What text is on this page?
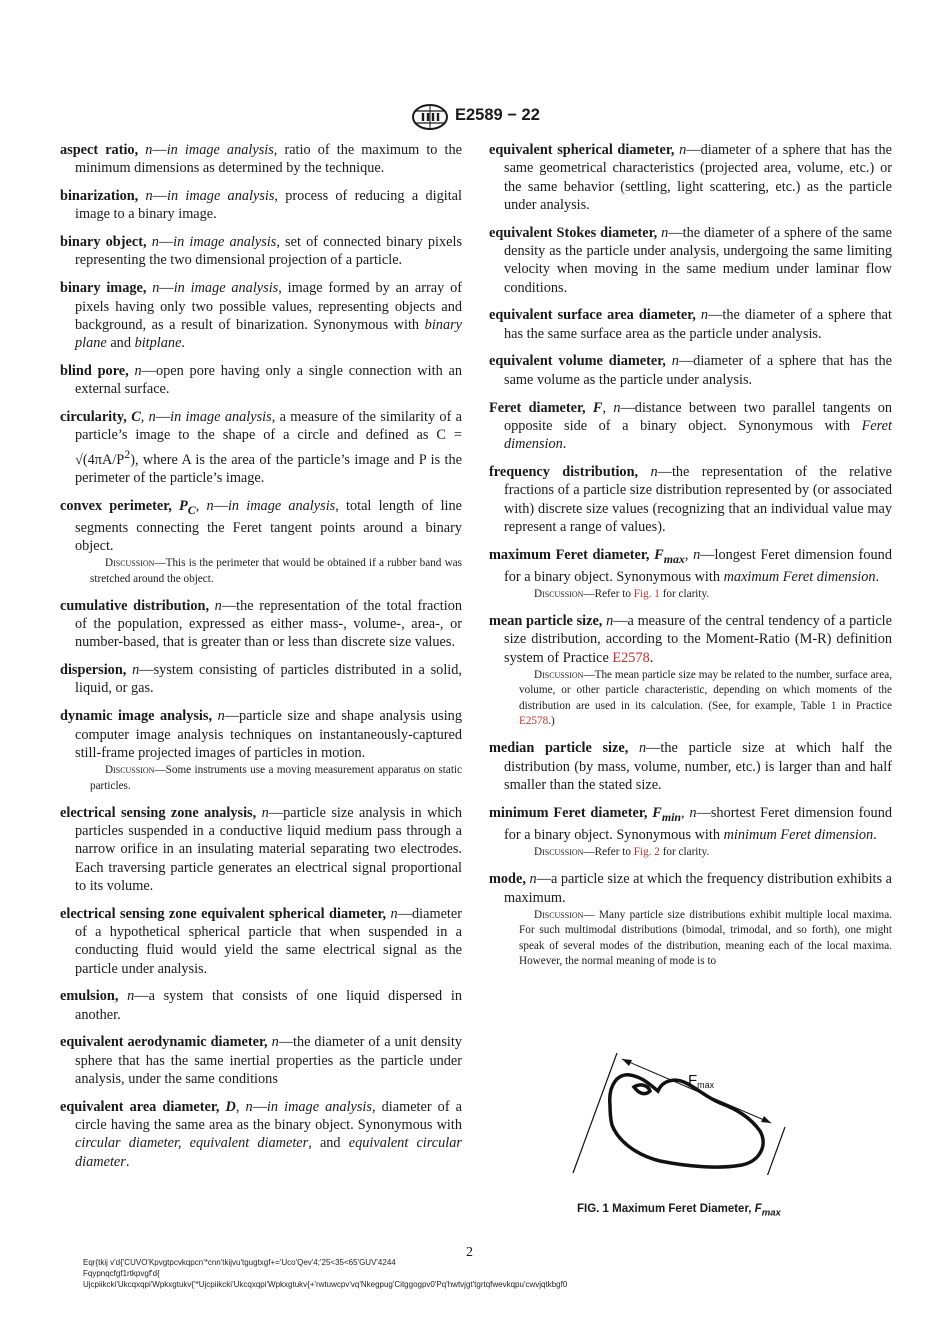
E2589 − 22
aspect ratio, n—in image analysis, ratio of the maximum to the minimum dimensions as determined by the technique.
binarization, n—in image analysis, process of reducing a digital image to a binary image.
binary object, n—in image analysis, set of connected binary pixels representing the two dimensional projection of a particle.
binary image, n—in image analysis, image formed by an array of pixels having only two possible values, representing objects and background, as a result of binarization. Synonymous with binary plane and bitplane.
blind pore, n—open pore having only a single connection with an external surface.
circularity, C, n—in image analysis, a measure of the similarity of a particle’s image to the shape of a circle and defined as $C = √(4\pi A/P^2)$, where A is the area of the particle’s image and P is the perimeter of the particle’s image.
convex perimeter, $P_C$, n—in image analysis, total length of line segments connecting the Feret tangent points around a binary object.
Discussion—This is the perimeter that would be obtained if a rubber band was stretched around the object.
cumulative distribution, n—the representation of the total fraction of the population, expressed as either mass-, volume-, area-, or number-based, that is greater than or less than discrete size values.
dispersion, n—system consisting of particles distributed in a solid, liquid, or gas.
dynamic image analysis, n—particle size and shape analysis using computer image analysis techniques on instantaneously-captured still-frame projected images of particles in motion.
Discussion—Some instruments use a moving measurement apparatus on static particles.
electrical sensing zone analysis, n—particle size analysis in which particles suspended in a conductive liquid medium pass through a narrow orifice in an insulating material separating two electrodes. Each traversing particle generates an electrical signal proportional to its volume.
electrical sensing zone equivalent spherical diameter, n—diameter of a hypothetical spherical particle that when suspended in a conducting fluid would yield the same electrical signal as the particle under analysis.
emulsion, n—a system that consists of one liquid dispersed in another.
equivalent aerodynamic diameter, n—the diameter of a unit density sphere that has the same inertial properties as the particle under analysis, under the same conditions
equivalent area diameter, D, n—in image analysis, diameter of a circle having the same area as the binary object. Synonymous with circular diameter, equivalent diameter, and equivalent circular diameter.
equivalent spherical diameter, n—diameter of a sphere that has the same geometrical characteristics (projected area, volume, etc.) or the same behavior (settling, light scattering, etc.) as the particle under analysis.
equivalent Stokes diameter, n—the diameter of a sphere of the same density as the particle under analysis, undergoing the same limiting velocity when moving in the same medium under laminar flow conditions.
equivalent surface area diameter, n—the diameter of a sphere that has the same surface area as the particle under analysis.
equivalent volume diameter, n—diameter of a sphere that has the same volume as the particle under analysis.
Feret diameter, F, n—distance between two parallel tangents on opposite side of a binary object. Synonymous with Feret dimension.
frequency distribution, n—the representation of the relative fractions of a particle size distribution represented by (or associated with) discrete size values (recognizing that an individual value may represent a range of values).
maximum Feret diameter, $F_{max}$, n—longest Feret dimension found for a binary object. Synonymous with maximum Feret dimension.
Discussion—Refer to Fig. 1 for clarity.
mean particle size, n—a measure of the central tendency of a particle size distribution, according to the Moment-Ratio (M-R) definition system of Practice E2578.
Discussion—The mean particle size may be related to the number, surface area, volume, or other particle characteristic, depending on which moments of the distribution are used in its calculation. (See, for example, Table 1 in Practice E2578.)
median particle size, n—the particle size at which half the distribution (by mass, volume, number, etc.) is larger than and half smaller than the stated size.
minimum Feret diameter, $F_{min}$, n—shortest Feret dimension found for a binary object. Synonymous with minimum Feret dimension.
Discussion—Refer to Fig. 2 for clarity.
mode, n—a particle size at which the frequency distribution exhibits a maximum.
Discussion— Many particle size distributions exhibit multiple local maxima. For such multimodal distributions (bimodal, trimodal, and so forth), one might speak of several modes of the distribution, meaning each of the local maxima. However, the normal meaning of mode is to
$F_{max}$
FIG. 1 Maximum Feret Diameter, $F_{max}$
2
Eqr{tkij v'd{'CUVO'Kpvgtpcvkqpcn'*cnn'tkijvu'tgugtxgf+='Uco'Qev'4;'25<35<65'GUV'4244
Fqypnqcfgf1rtkpvgf'd{
Ujcpiikcki'Ukcqxqpi'Wpkxgtukv{'*Ujcpiikcki'Ukcqxqpi'Wpkxgtukv{+'rwtuwcpv'vq'Nkegpug'Citggogpv0'Pq'hwtvjgt'tgrtqfwevkqpu'cwvjqtkbgf0
